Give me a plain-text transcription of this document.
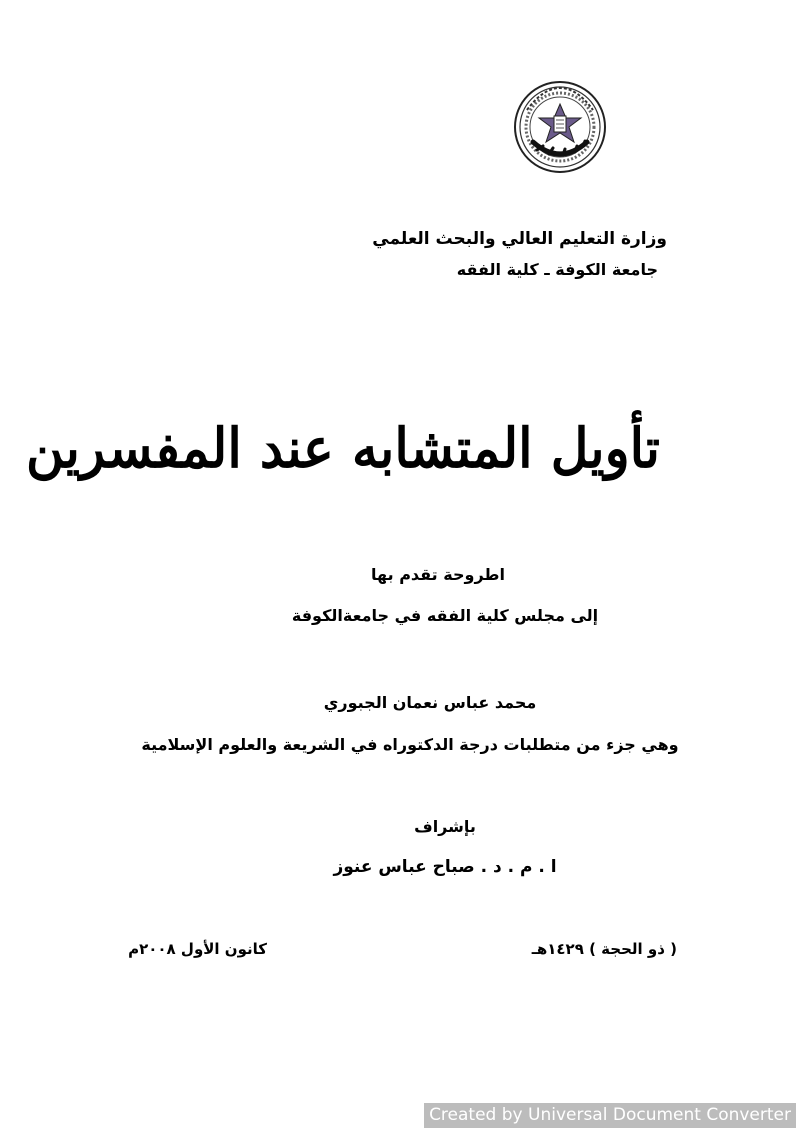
وزارة التعليم العالي والبحث العلمي
جامعة الكوفة ـ كلية الفقه
تأويل المتشابه عند المفسرين
اطروحة تقدم بها
إلى مجلس كلية الفقه في جامعةالكوفة
محمد عباس نعمان الجبوري
وهي جزء من متطلبات درجة الدكتوراه في الشريعة والعلوم الإسلامية
بإشراف
ا . م . د . صباح عباس عنوز
( ذو الحجة ) ١٤٢٩هـ
كانون الأول ٢٠٠٨م
Created by Universal Document Converter
